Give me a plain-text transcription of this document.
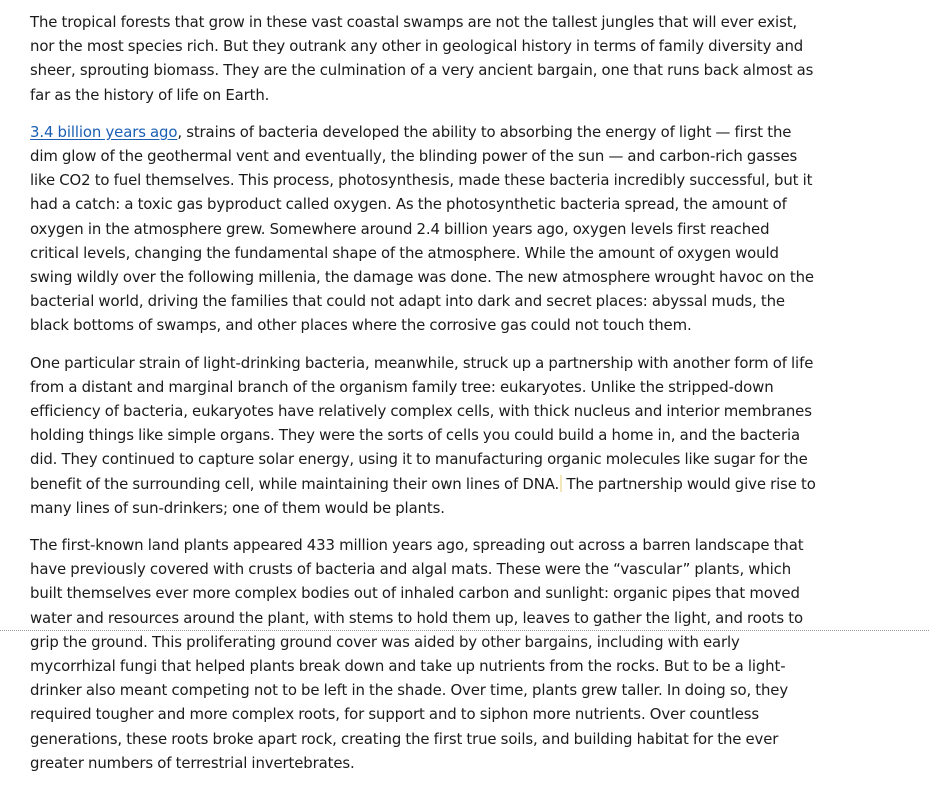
The tropical forests that grow in these vast coastal swamps are not the tallest jungles that will ever exist, nor the most species rich. But they outrank any other in geological history in terms of family diversity and sheer, sprouting biomass. They are the culmination of a very ancient bargain, one that runs back almost as far as the history of life on Earth.

3.4 billion years ago, strains of bacteria developed the ability to absorbing the energy of light — first the dim glow of the geothermal vent and eventually, the blinding power of the sun — and carbon-rich gasses like CO2 to fuel themselves. This process, photosynthesis, made these bacteria incredibly successful, but it had a catch: a toxic gas byproduct called oxygen. As the photosynthetic bacteria spread, the amount of oxygen in the atmosphere grew. Somewhere around 2.4 billion years ago, oxygen levels first reached critical levels, changing the fundamental shape of the atmosphere. While the amount of oxygen would swing wildly over the following millenia, the damage was done. The new atmosphere wrought havoc on the bacterial world, driving the families that could not adapt into dark and secret places: abyssal muds, the black bottoms of swamps, and other places where the corrosive gas could not touch them.

One particular strain of light-drinking bacteria, meanwhile, struck up a partnership with another form of life from a distant and marginal branch of the organism family tree: eukaryotes. Unlike the stripped-down efficiency of bacteria, eukaryotes have relatively complex cells, with thick nucleus and interior membranes holding things like simple organs. They were the sorts of cells you could build a home in, and the bacteria did. They continued to capture solar energy, using it to manufacturing organic molecules like sugar for the benefit of the surrounding cell, while maintaining their own lines of DNA. The partnership would give rise to many lines of sun-drinkers; one of them would be plants.

The first-known land plants appeared 433 million years ago, spreading out across a barren landscape that have previously covered with crusts of bacteria and algal mats. These were the “vascular” plants, which built themselves ever more complex bodies out of inhaled carbon and sunlight: organic pipes that moved water and resources around the plant, with stems to hold them up, leaves to gather the light, and roots to grip the ground. This proliferating ground cover was aided by other bargains, including with early mycorrhizal fungi that helped plants break down and take up nutrients from the rocks. But to be a light-drinker also meant competing not to be left in the shade. Over time, plants grew taller. In doing so, they required tougher and more complex roots, for support and to siphon more nutrients. Over countless generations, these roots broke apart rock, creating the first true soils, and building habitat for the ever greater numbers of terrestrial invertebrates.
